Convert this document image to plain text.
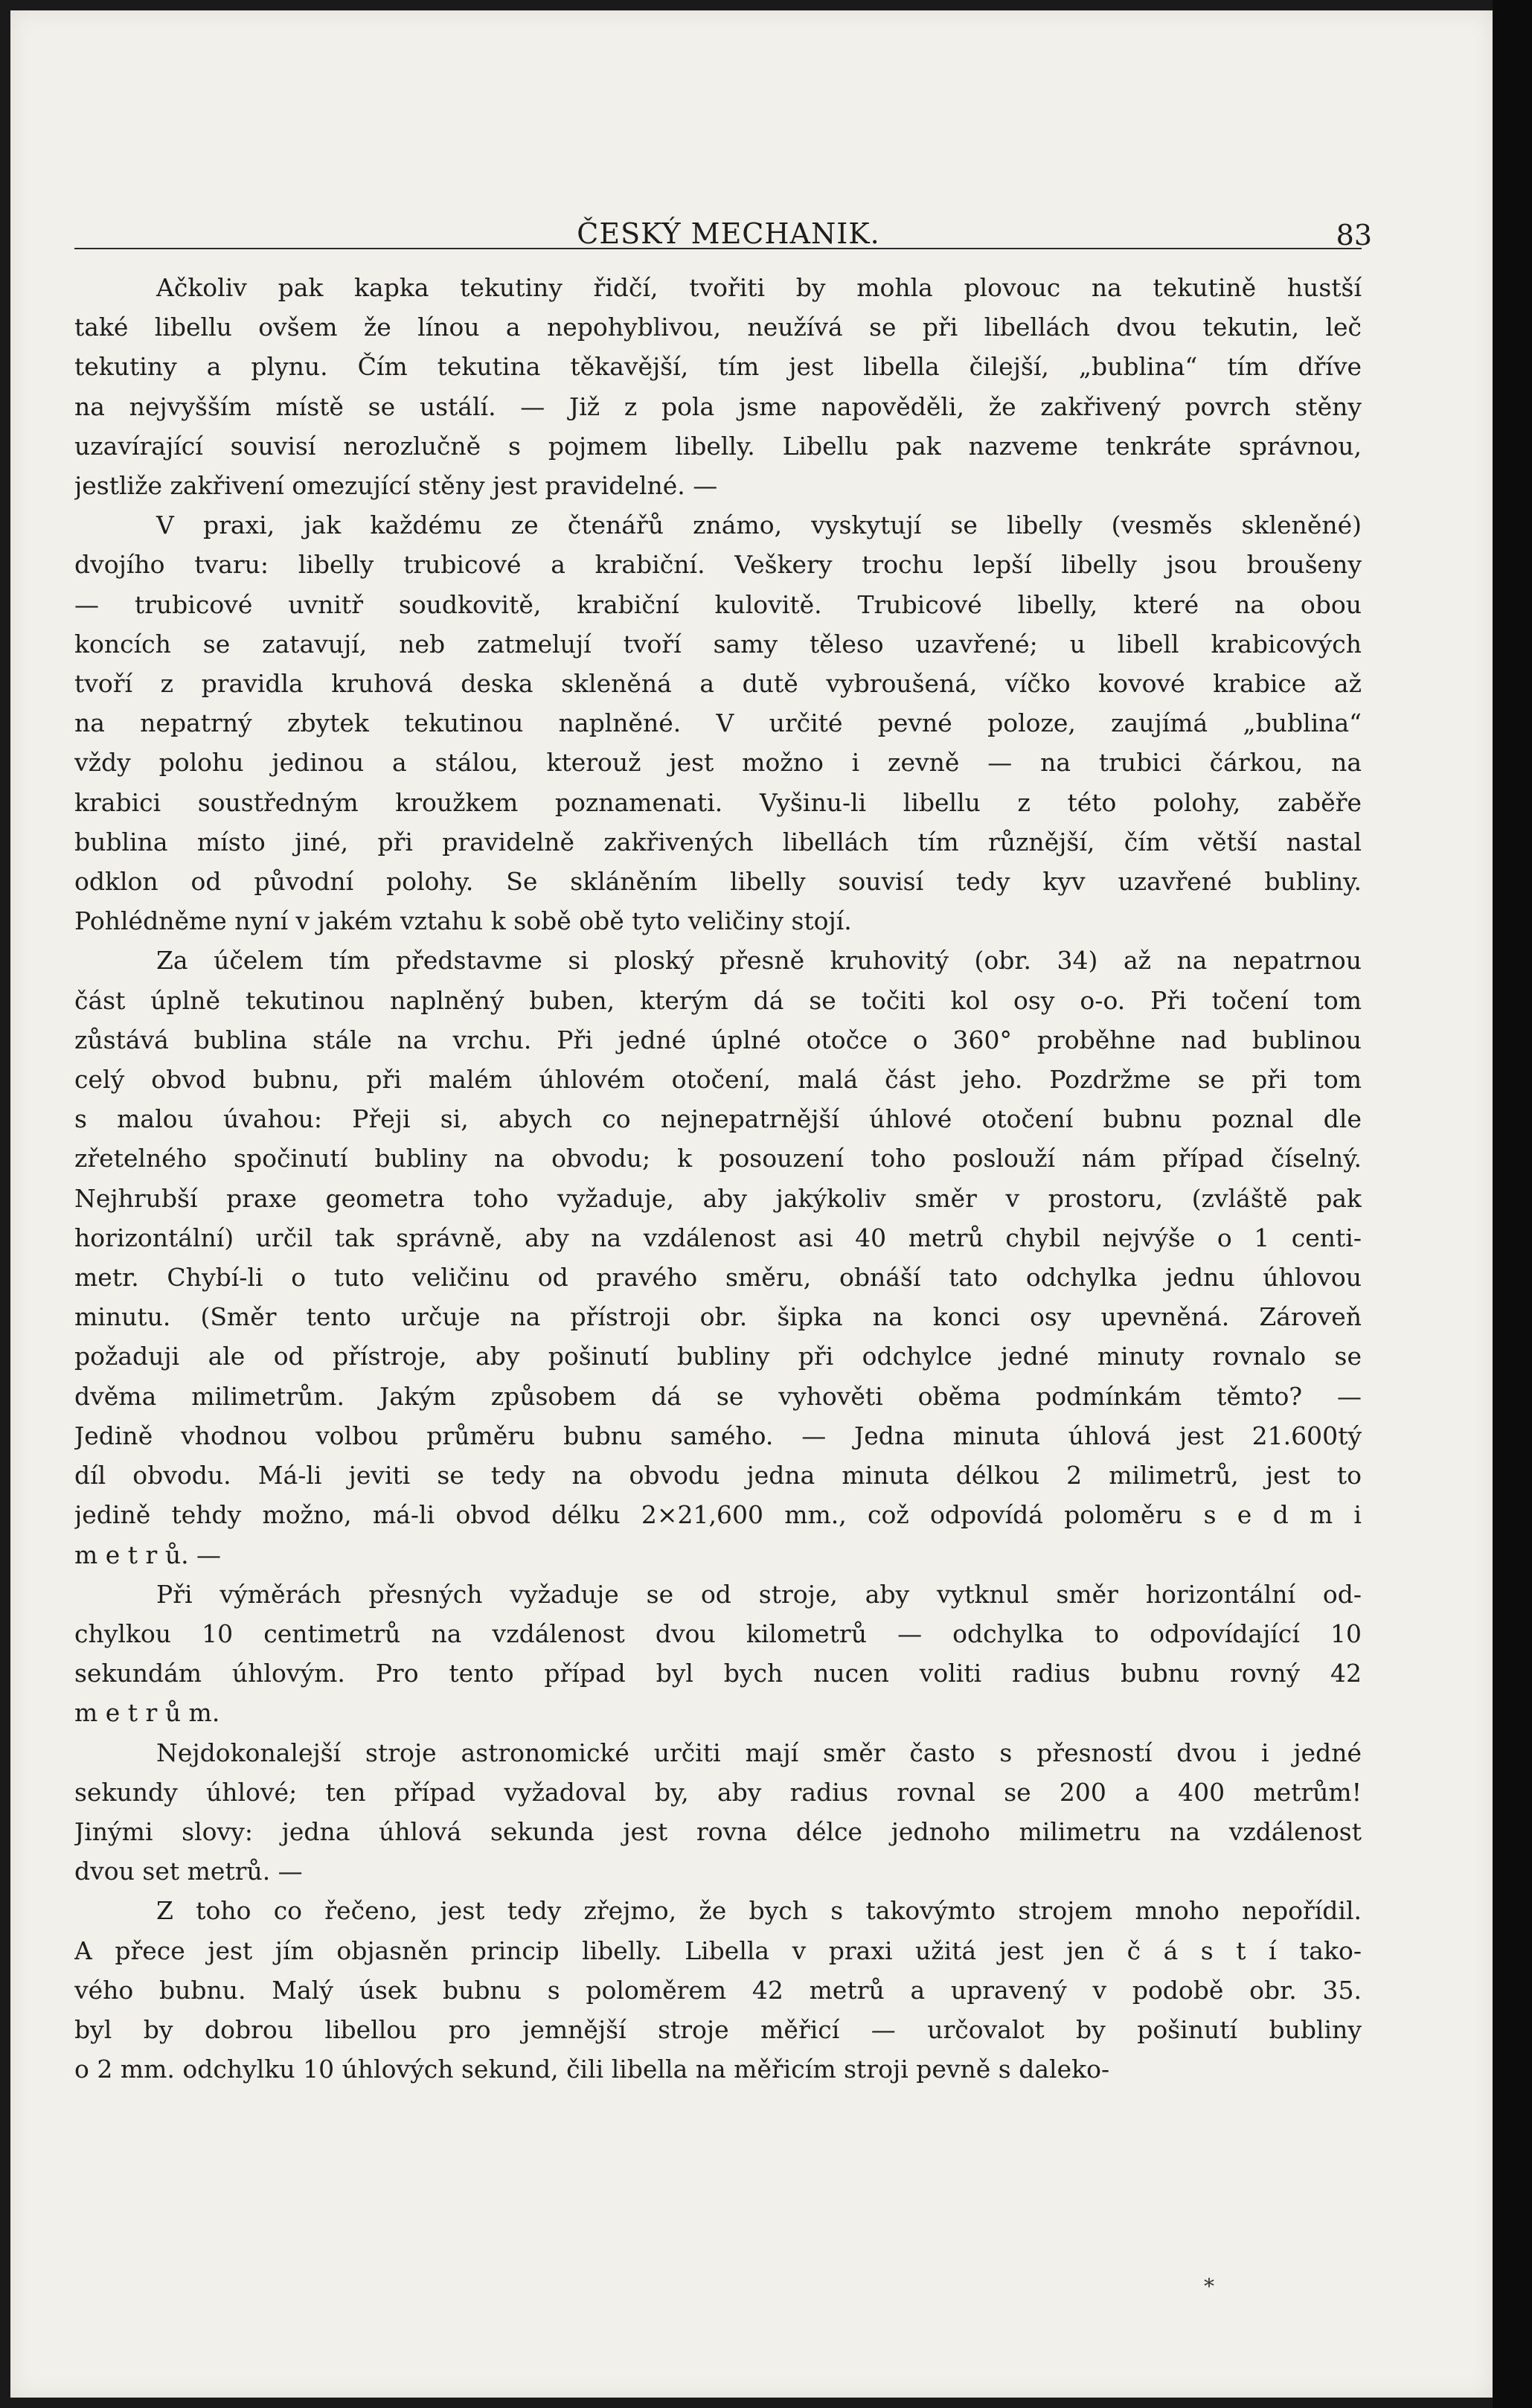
ČESKÝ MECHANIK.	83

Ačkoliv pak kapka tekutiny řidčí, tvořiti by mohla plovouc na tekutině hustší
také libellu ovšem že línou a nepohyblivou, neužívá se při libellách dvou tekutin, leč
tekutiny a plynu. Čím tekutina těkavější, tím jest libella čilejší, „bublina“ tím dříve
na nejvyšším místě se ustálí. — Již z pola jsme napověděli, že zakřivený povrch stěny
uzavírající souvisí nerozlučně s pojmem libelly. Libellu pak nazveme tenkráte správnou,
jestliže zakřivení omezující stěny jest pravidelné. —

V praxi, jak každému ze čtenářů známo, vyskytují se libelly (vesměs skleněné)
dvojího tvaru: libelly trubicové a krabiční. Veškery trochu lepší libelly jsou broušeny
— trubicové uvnitř soudkovitě, krabiční kulovitě. Trubicové libelly, které na obou
koncích se zatavují, neb zatmelují tvoří samy těleso uzavřené; u libell krabicových
tvoří z pravidla kruhová deska skleněná a dutě vybroušená, víčko kovové krabice až
na nepatrný zbytek tekutinou naplněné. V určité pevné poloze, zaujímá „bublina“
vždy polohu jedinou a stálou, kterouž jest možno i zevně — na trubici čárkou, na
krabici soustředným kroužkem poznamenati. Vyšinu-li libellu z této polohy, zaběře
bublina místo jiné, při pravidelně zakřivených libellách tím různější, čím větší nastal
odklon od původní polohy. Se skláněním libelly souvisí tedy kyv uzavřené bubliny.
Pohlédněme nyní v jakém vztahu k sobě obě tyto veličiny stojí.

Za účelem tím představme si ploský přesně kruhovitý (obr. 34) až na nepatrnou
část úplně tekutinou naplněný buben, kterým dá se točiti kol osy o-o. Při točení tom
zůstává bublina stále na vrchu. Při jedné úplné otočce o 360° proběhne nad bublinou
celý obvod bubnu, při malém úhlovém otočení, malá část jeho. Pozdržme se při tom
s malou úvahou: Přeji si, abych co nejnepatrnější úhlové otočení bubnu poznal dle
zřetelného spočinutí bubliny na obvodu; k posouzení toho poslouží nám případ číselný.
Nejhrubší praxe geometra toho vyžaduje, aby jakýkoliv směr v prostoru, (zvláště pak
horizontální) určil tak správně, aby na vzdálenost asi 40 metrů chybil nejvýše o 1 centi-
metr. Chybí-li o tuto veličinu od pravého směru, obnáší tato odchylka jednu úhlovou
minutu. (Směr tento určuje na přístroji obr. šipka na konci osy upevněná. Zároveň
požaduji ale od přístroje, aby pošinutí bubliny při odchylce jedné minuty rovnalo se
dvěma milimetrům. Jakým způsobem dá se vyhověti oběma podmínkám těmto? —
Jedině vhodnou volbou průměru bubnu samého. — Jedna minuta úhlová jest 21.600tý
díl obvodu. Má-li jeviti se tedy na obvodu jedna minuta délkou 2 milimetrů, jest to
jedině tehdy možno, má-li obvod délku 2×21,600 mm., což odpovídá poloměru s e d m i
m e t r ů. —

Při výměrách přesných vyžaduje se od stroje, aby vytknul směr horizontální od-
chylkou 10 centimetrů na vzdálenost dvou kilometrů — odchylka to odpovídající 10
sekundám úhlovým. Pro tento případ byl bych nucen voliti radius bubnu rovný 42
m e t r ů m.

Nejdokonalejší stroje astronomické určiti mají směr často s přesností dvou i jedné
sekundy úhlové; ten případ vyžadoval by, aby radius rovnal se 200 a 400 metrům!
Jinými slovy: jedna úhlová sekunda jest rovna délce jednoho milimetru na vzdálenost
dvou set metrů. —

Z toho co řečeno, jest tedy zřejmo, že bych s takovýmto strojem mnoho nepořídil.
A přece jest jím objasněn princip libelly. Libella v praxi užitá jest jen č á s t í tako-
vého bubnu. Malý úsek bubnu s poloměrem 42 metrů a upravený v podobě obr. 35.
byl by dobrou libellou pro jemnější stroje měřicí — určovalot by pošinutí bubliny
o 2 mm. odchylku 10 úhlových sekund, čili libella na měřicím stroji pevně s daleko-

*
